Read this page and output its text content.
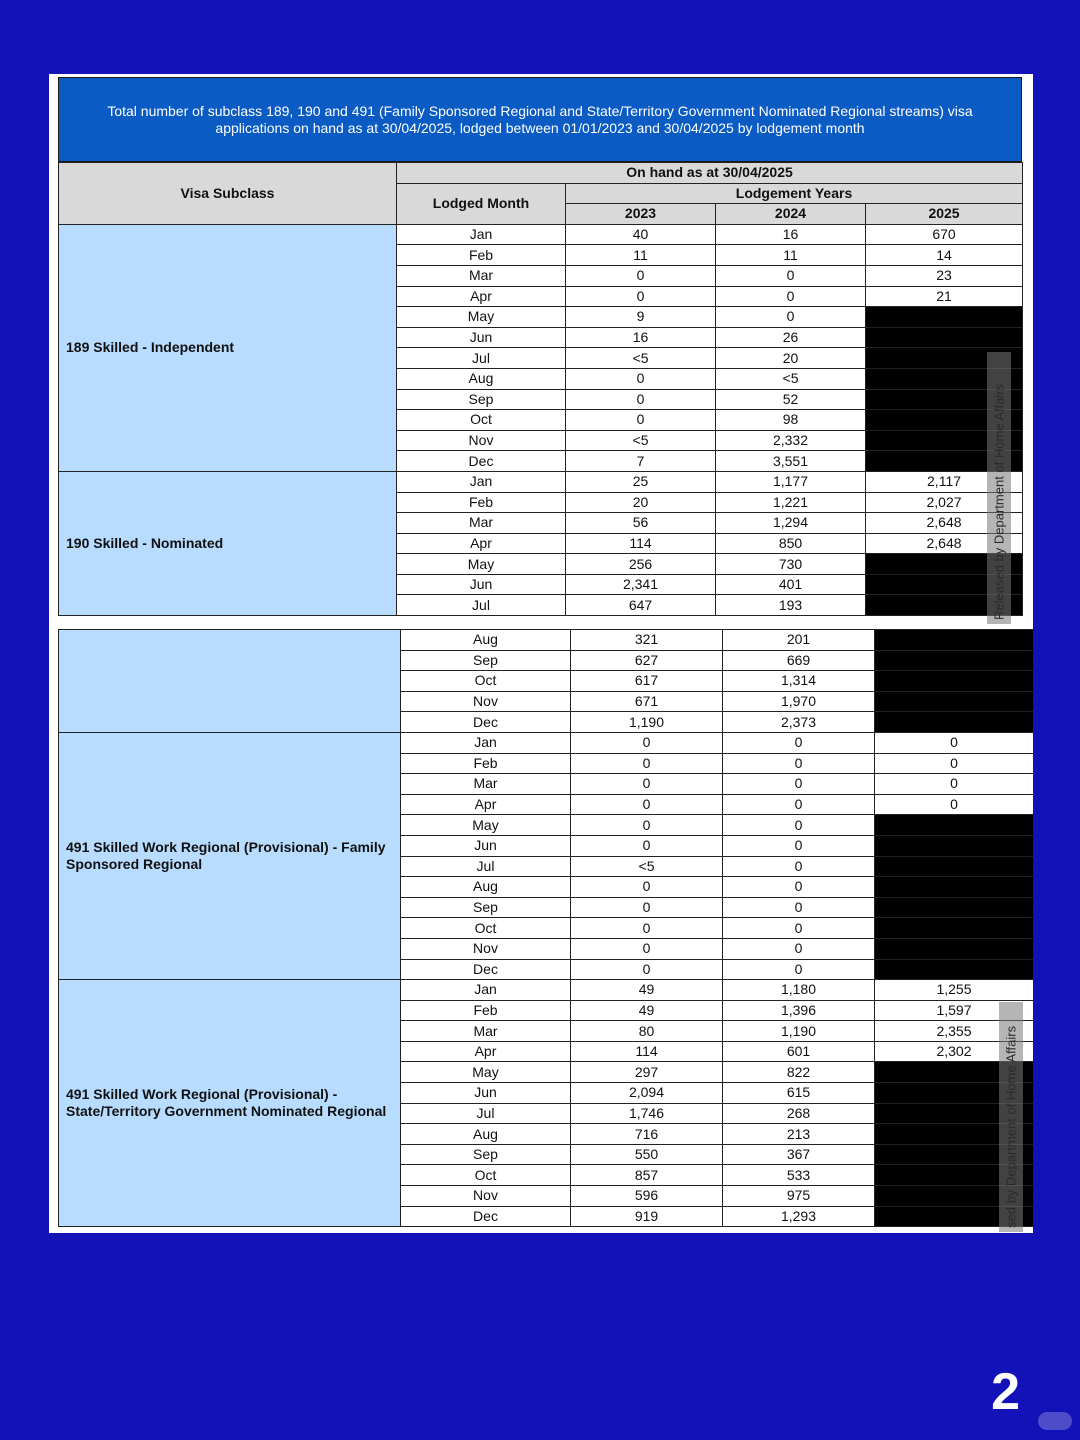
Total number of subclass 189, 190 and 491 (Family Sponsored Regional and State/Territory Government Nominated Regional streams) visa applications on hand as at 30/04/2025, lodged between 01/01/2023 and 30/04/2025 by lodgement month
Visa Subclass	On hand as at 30/04/2025			
	Lodged Month	Lodgement Years		
		2023	2024	2025
189 Skilled - Independent	Jan	40	16	670
	Feb	11	11	14
	Mar	0	0	23
	Apr	0	0	21
	May	9	0	
	Jun	16	26	
	Jul	<5	20	
	Aug	0	<5	
	Sep	0	52	
	Oct	0	98	
	Nov	<5	2,332	
	Dec	7	3,551	
190 Skilled - Nominated	Jan	25	1,177	2,117
	Feb	20	1,221	2,027
	Mar	56	1,294	2,648
	Apr	114	850	2,648
	May	256	730	
	Jun	2,341	401	
	Jul	647	193		Released by Department of Home Affairs
	Aug	321	201	
	Sep	627	669	
	Oct	617	1,314	
	Nov	671	1,970	
	Dec	1,190	2,373	
491 Skilled Work Regional (Provisional) - Family Sponsored Regional	Jan	0	0	0
	Feb	0	0	0
	Mar	0	0	0
	Apr	0	0	0
	May	0	0	
	Jun	0	0	
	Jul	<5	0	
	Aug	0	0	
	Sep	0	0	
	Oct	0	0	
	Nov	0	0	
	Dec	0	0	
491 Skilled Work Regional (Provisional) - State/Territory Government Nominated Regional	Jan	49	1,180	1,255
	Feb	49	1,396	1,597
	Mar	80	1,190	2,355
	Apr	114	601	2,302
	May	297	822	
	Jun	2,094	615	
	Jul	1,746	268	
	Aug	716	213	
	Sep	550	367	
	Oct	857	533	
	Nov	596	975	
	Dec	919	1,293		sed by Department of Home Affairs
2
